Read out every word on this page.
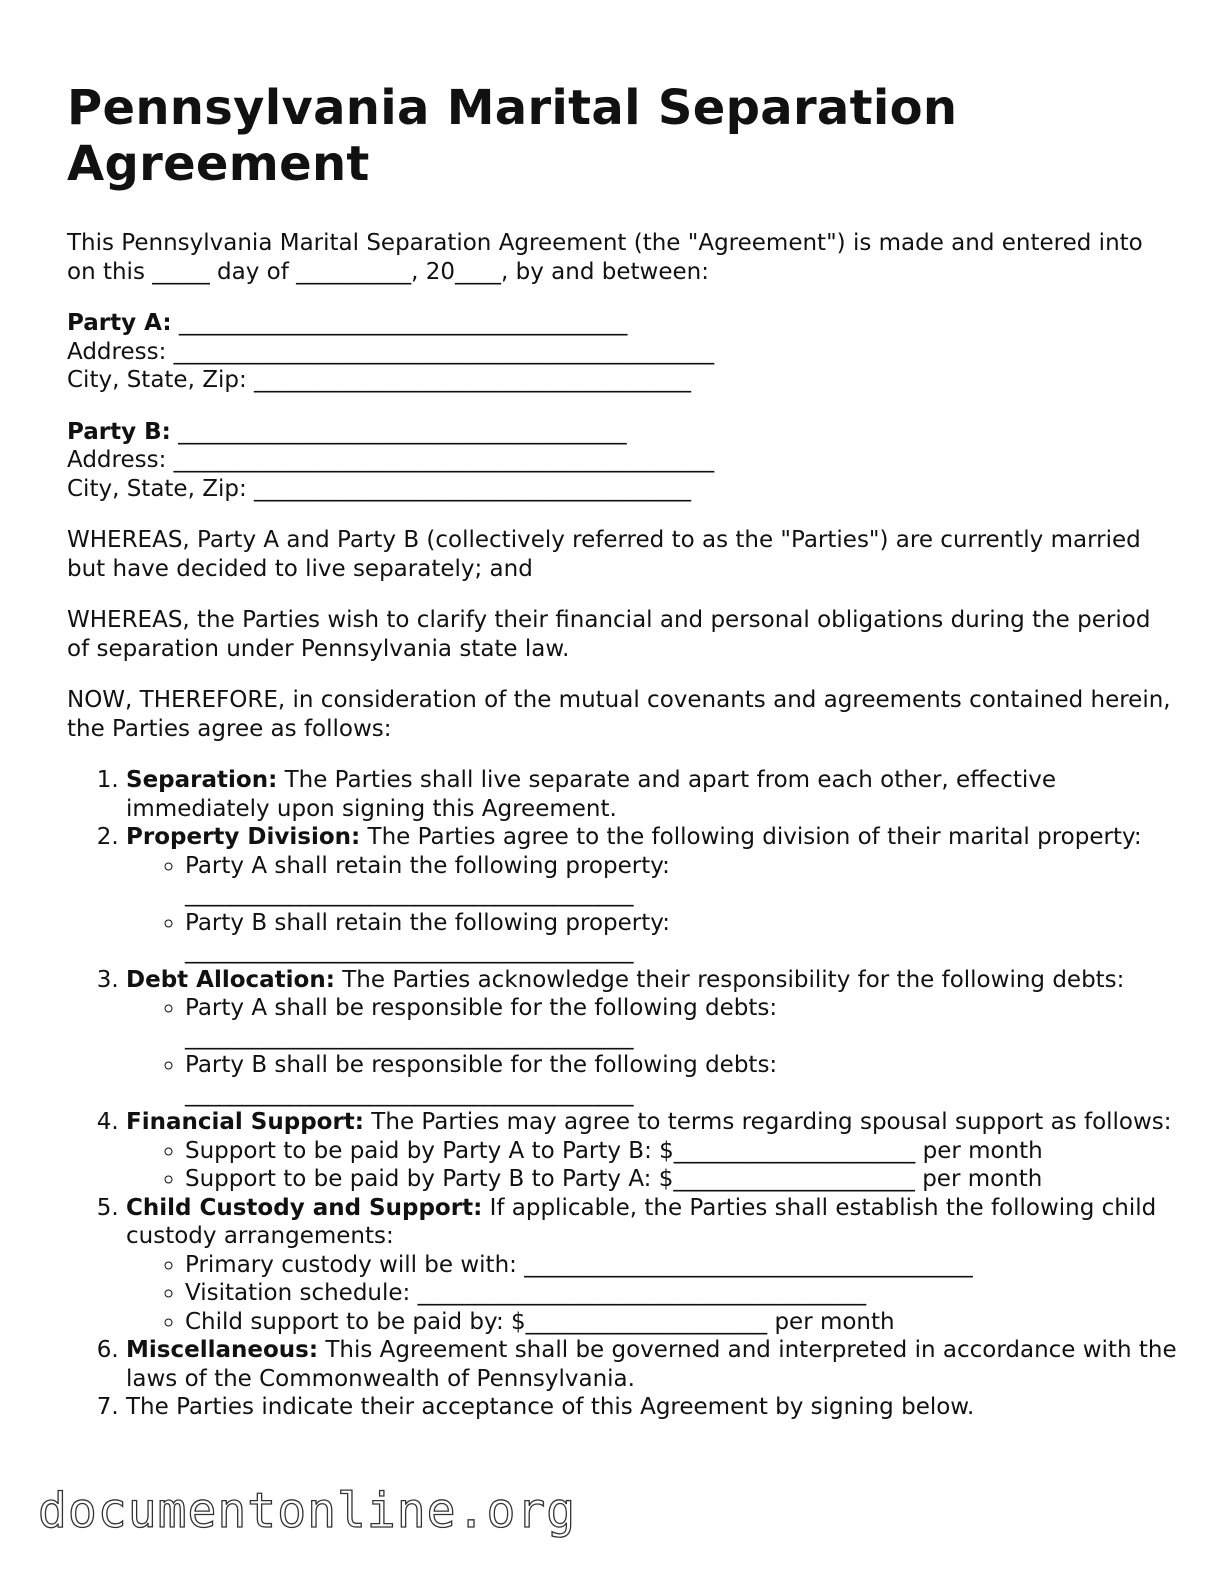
Pennsylvania Marital Separation Agreement

This Pennsylvania Marital Separation Agreement (the "Agreement") is made and entered into on this _____ day of __________, 20____, by and between:

Party A: _______________________________________
Address: _______________________________________________
City, State, Zip: ______________________________________
Party B: _______________________________________
Address: _______________________________________________
City, State, Zip: ______________________________________

WHEREAS, Party A and Party B (collectively referred to as the "Parties") are currently married but have decided to live separately; and

WHEREAS, the Parties wish to clarify their financial and personal obligations during the period of separation under Pennsylvania state law.

NOW, THEREFORE, in consideration of the mutual covenants and agreements contained herein, the Parties agree as follows:

1. Separation: The Parties shall live separate and apart from each other, effective immediately upon signing this Agreement.
2. Property Division: The Parties agree to the following division of their marital property:
◦ Party A shall retain the following property:
_______________________________________
◦ Party B shall retain the following property:
_______________________________________
3. Debt Allocation: The Parties acknowledge their responsibility for the following debts:
◦ Party A shall be responsible for the following debts:
_______________________________________
◦ Party B shall be responsible for the following debts:
_______________________________________
4. Financial Support: The Parties may agree to terms regarding spousal support as follows:
◦ Support to be paid by Party A to Party B: $_____________________ per month
◦ Support to be paid by Party B to Party A: $_____________________ per month
5. Child Custody and Support: If applicable, the Parties shall establish the following child custody arrangements:
◦ Primary custody will be with: _______________________________________
◦ Visitation schedule: _______________________________________
◦ Child support to be paid by: $_____________________ per month
6. Miscellaneous: This Agreement shall be governed and interpreted in accordance with the laws of the Commonwealth of Pennsylvania.
7. The Parties indicate their acceptance of this Agreement by signing below.
documentonline.org
